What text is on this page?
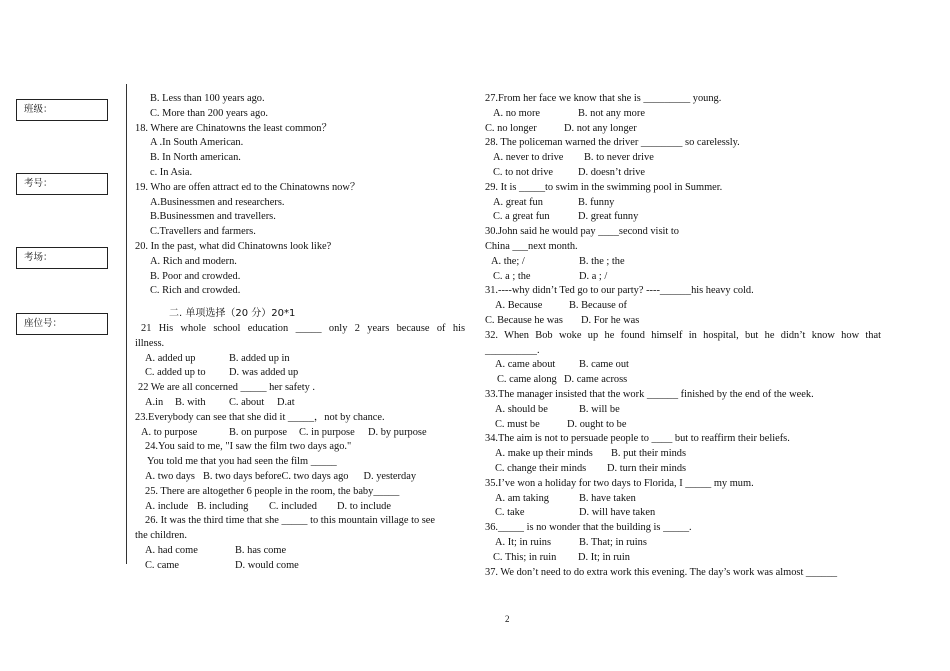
班级：
考号：
考场：
座位号：
B. Less than 100 years ago.
C. More than 200 years ago.
18. Where are Chinatowns the least common？
A .In South American.
B. In North american.
c. In Asia.
19. Who are offen attract ed to the Chinatowns now？
A.Businessmen and researchers.
B.Businessmen and travellers.
C.Travellers and farmers.
20. In the past, what did Chinatowns look like?
A. Rich and modern.
B. Poor and crowded.
C. Rich and crowded.
二. 单项选择（20 分）20*1
21 His whole school education _____ only 2 years because of his
illness.
A. added up	B. added up in
C. added up to D. was added up
22 We are all concerned _____ her safety .
A.in B. with C. about D.at
23.Everybody can see that she did it _____，not by chance.
A. to purpose	B. on purpose C. in purpose D. by purpose
24.You said to me, "I saw the film two days ago."
You told me that you had seen the film _____
A. two days B. two days beforeC. two days ago D. yesterday
25. There are altogether 6 people in the room, the baby_____
A. include B. including C. included D. to include
26. It was the third time that she _____ to this mountain village to see
the children.
A. had come	B. has come
C. came	D. would come
27.From her face we know that she is _________ young.
A. no more	B. not any more
C. no longer	D. not any longer
28. The policeman warned the driver ________ so carelessly.
A. never to drive B. to never drive
C. to not drive D. doesn’t drive
29. It is _____to swim in the swimming pool in Summer.
A. great fun	B. funny
C. a great fun	D. great funny
30.John said he would pay ____second visit to
China ___next month.
A. the; /	B. the ; the
C. a ; the	D. a ; /
31.----why didn’t Ted go to our party? ----______his heavy cold.
A. Because	B. Because of
C. Because he was D. For he was
32. When Bob woke up he found himself in hospital, but he didn’t know how that
__________.
A. came about B. came out
C. came along D. came across
33.The manager insisted that the work ______ finished by the end of the week.
A. should be	B. will be
C. must be	D. ought to be
34.The aim is not to persuade people to ____ but to reaffirm their beliefs.
A. make up their minds B. put their minds
C. change their minds D. turn their minds
35.I’ve won a holiday for two days to Florida, I _____ my mum.
A. am taking	B. have taken
C. take	D. will have taken
36._____ is no wonder that the building is _____.
A. It; in ruins	B. That; in ruins
C. This; in ruin D. It; in ruin
37. We don’t need to do extra work this evening. The day’s work was almost ______
2
